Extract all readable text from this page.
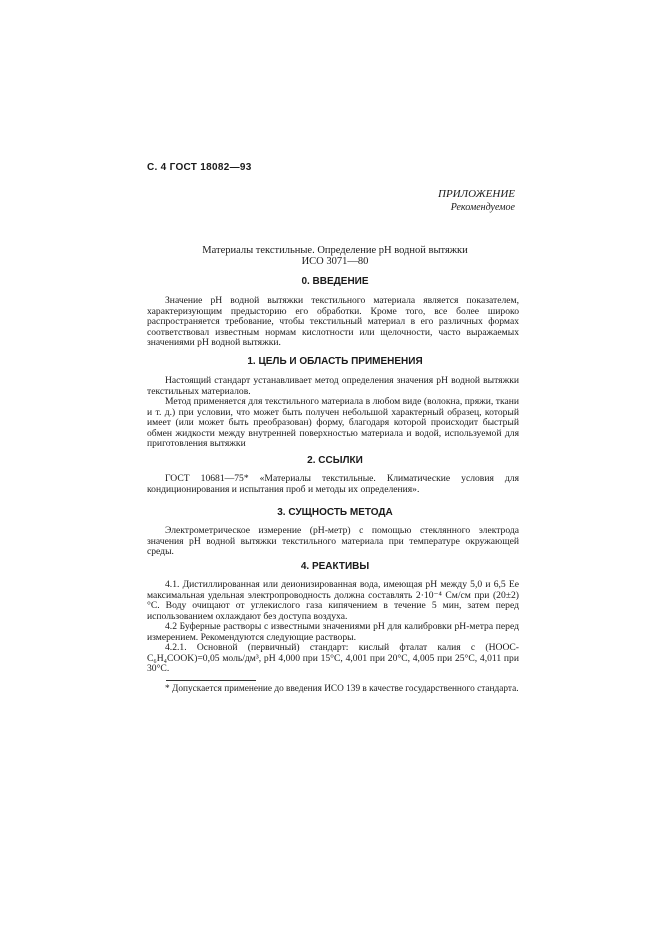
С. 4 ГОСТ 18082—93
ПРИЛОЖЕНИЕ
Рекомендуемое
Материалы текстильные. Определение pH водной вытяжки
ИСО 3071—80
0. ВВЕДЕНИЕ

Значение pH водной вытяжки текстильного материала является показателем, характеризующим предысторию его обработки. Кроме того, все более широко распространяется требование, чтобы текстильный материал в его различных формах соответствовал известным нормам кислотности или щелочности, часто выражаемых значениями pH водной вытяжки.

1. ЦЕЛЬ И ОБЛАСТЬ ПРИМЕНЕНИЯ

Настоящий стандарт устанавливает метод определения значения pH водной вытяжки текстильных материалов.

Метод применяется для текстильного материала в любом виде (волокна, пряжи, ткани и т. д.) при условии, что может быть получен небольшой характерный образец, который имеет (или может быть преобразован) форму, благодаря которой происходит быстрый обмен жидкости между внутренней поверхностью материала и водой, используемой для приготовления вытяжки

2. ССЫЛКИ

ГОСТ 10681—75* «Материалы текстильные. Климатические условия для кондиционирования и испытания проб и методы их определения».

3. СУЩНОСТЬ МЕТОДА

Электрометрическое измерение (pH-метр) с помощью стеклянного электрода значения pH водной вытяжки текстильного материала при температуре окружающей среды.

4. РЕАКТИВЫ

4.1. Дистиллированная или деионизированная вода, имеющая pH между 5,0 и 6,5 Ее максимальная удельная электропроводность должна составлять 2·10⁻⁴ См/см при (20±2)°С. Воду очищают от углекислого газа кипячением в течение 5 мин, затем перед использованием охлаждают без доступа воздуха.

4.2 Буферные растворы с известными значениями pH для калибровки pH-метра перед измерением. Рекомендуются следующие растворы.

4.2.1. Основной (первичный) стандарт: кислый фталат калия с (HOOC-C₆H₄COOK)=0,05 моль/дм³, pH 4,000 при 15°С, 4,001 при 20°С, 4,005 при 25°С, 4,011 при 30°С.

* Допускается применение до введения ИСО 139 в качестве государственного стандарта.
